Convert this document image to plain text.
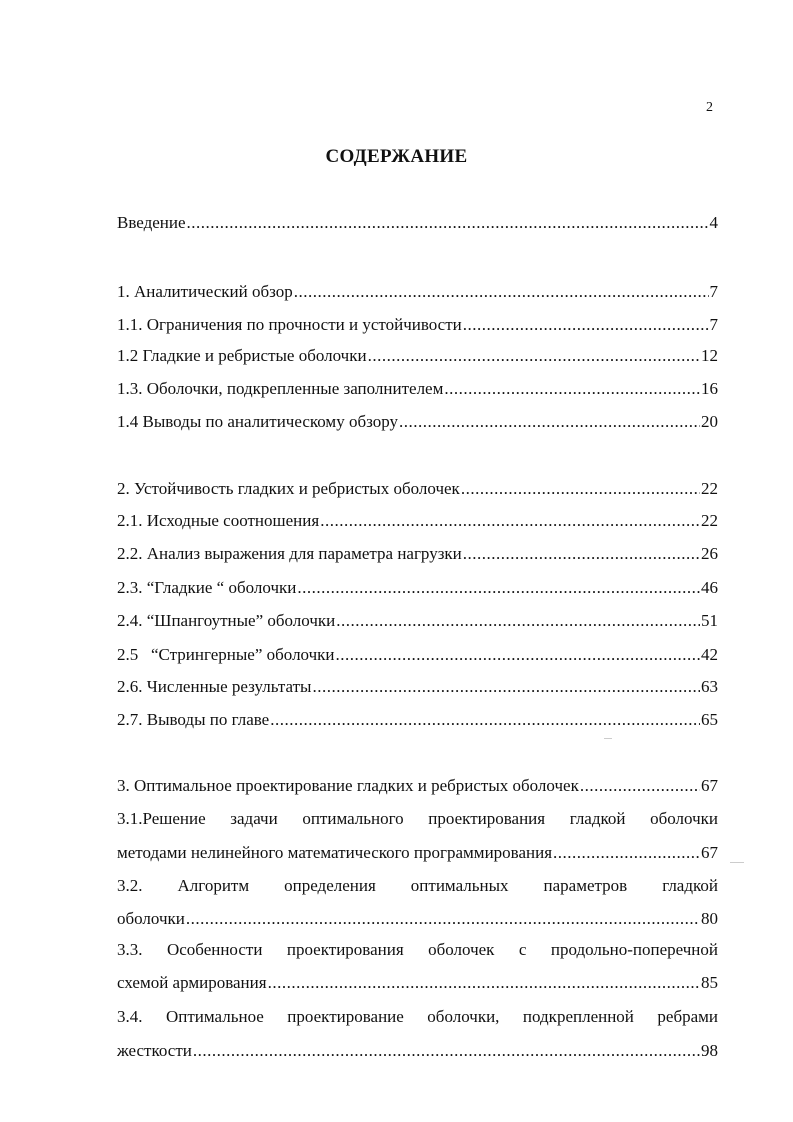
2
СОДЕРЖАНИЕ
Введение .....	4
1. Аналитический обзор .....	7
1.1. Ограничения по прочности и устойчивости .....	7
1.2 Гладкие и ребристые оболочки .....	12
1.3. Оболочки, подкрепленные заполнителем .....	16
1.4 Выводы по аналитическому обзору .....	20
2. Устойчивость гладких и ребристых оболочек .....	22
2.1. Исходные соотношения .....	22
2.2. Анализ выражения для параметра нагрузки .....	26
2.3. “Гладкие “ оболочки .....	46
2.4. “Шпангоутные” оболочки .....	51
2.5   “Стрингерные” оболочки .....	42
2.6. Численные результаты .....	63
2.7. Выводы по главе .....	65
3. Оптимальное проектирование гладких и ребристых оболочек .....	67
3.1.Решение задачи оптимального проектирования гладкой оболочки
методами нелинейного математического программирования .....	67
3.2. Алгоритм определения оптимальных параметров гладкой
оболочки .....	80
3.3. Особенности проектирования оболочек с продольно-поперечной
схемой армирования .....	85
3.4. Оптимальное проектирование оболочки, подкрепленной ребрами
жесткости .....	98
